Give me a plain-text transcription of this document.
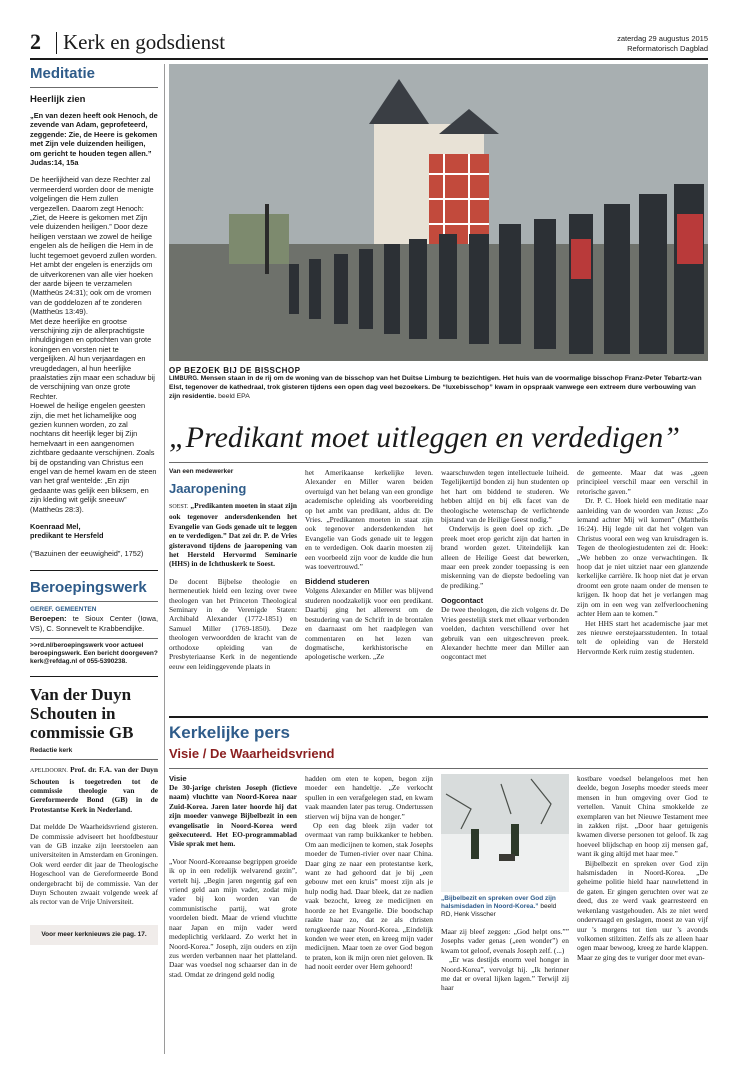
2 Kerk en godsdienst	zaterdag 29 augustus 2015
Reformatorisch Dagblad
Meditatie
Heerlijk zien
„En van dezen heeft ook Henoch, de zevende van Adam, geprofeteerd, zeggende: Zie, de Heere is gekomen met Zijn vele duizenden heiligen, om gericht te houden tegen allen.”
Judas:14, 15a
De heerlijkheid van deze Rechter zal vermeerderd worden door de menigte volgelingen die Hem zullen vergezellen. Daarom zegt Henoch: „Ziet, de Heere is gekomen met Zijn vele duizenden heiligen.” Door deze heiligen verstaan we zowel de heilige engelen als de heiligen die Hem in de lucht tegemoet gevoerd zullen worden. Het ambt der engelen is enerzijds om de uitverkorenen van alle vier hoeken der aarde bijeen te verzamelen (Mattheüs 24:31); ook om de vromen van de goddelozen af te zonderen (Mattheüs 13:49).
Met deze heerlijke en grootse verschijning zijn de allerprachtigste inhuldigingen en optochten van grote koningen en vorsten niet te vergelijken. Al hun verjaardagen en vreugdedagen, al hun heerlijke praalstaties zijn maar een schaduw bij de verschijning van onze grote Rechter.
Hoewel de heilige engelen geesten zijn, die met het lichamelijke oog gezien kunnen worden, zo zal nochtans dit heerlijk leger bij Zijn hemelvaart in een aangenomen zichtbare gedaante verschijnen. Zoals bij de opstanding van Christus een engel van de hemel kwam en de steen van het graf wentelde: „En zijn gedaante was gelijk een bliksem, en zijn kleding wit gelijk sneeuw” (Mattheüs 28:3).
Koenraad Mel,
predikant te Hersfeld
(“Bazuinen der eeuwigheid”, 1752)
Beroepingswerk
GEREF. GEMEENTEN
Beroepen: te Sioux Center (Iowa, VS), C. Sonnevelt te Krabbendijke.
>>rd.nl/beroepingswerk voor actueel beroepingswerk. Een bericht doorgeven? kerk@refdag.nl of 055-5390238.
Van der Duyn Schouten in commissie GB
Redactie kerk
APELDOORN. Prof. dr. F.A. van der Duyn Schouten is toegetreden tot de commissie theologie van de Gereformeerde Bond (GB) in de Protestantse Kerk in Nederland.
Dat meldde De Waarheidsvriend gisteren. De commissie adviseert het hoofdbestuur van de GB inzake zijn leerstoelen aan universiteiten in Amsterdam en Groningen. Ook werd eerder dit jaar de Theologische Hogeschool van de Gereformeerde Bond ondergebracht bij de commissie. Van der Duyn Schouten zwaait volgende week af als rector van de Vrije Universiteit.
Voor meer kerknieuws zie pag. 17.
OP BEZOEK BIJ DE BISSCHOP
LIMBURG. Mensen staan in de rij om de woning van de bisschop van het Duitse Limburg te bezichtigen. Het huis van de voormalige bisschop Franz-Peter Tebartz-van Elst, tegenover de kathedraal, trok gisteren tijdens een open dag veel bezoekers. De “luxebisschop” kwam in opspraak vanwege een extreem dure verbouwing van zijn residentie. beeld EPA
„Predikant moet uitleggen en verdedigen”
Van een medewerker
Jaaropening
SOEST. „Predikanten moeten in staat zijn ook tegenover andersdenkenden het Evangelie van Gods genade uit te leggen en te verdedigen.” Dat zei dr. P. de Vries gisteravond tijdens de jaaropening van het Hersteld Hervormd Seminarie (HHS) in de Ichthuskerk te Soest.
De docent Bijbelse theologie en hermeneutiek hield een lezing over twee theologen van het Princeton Theological Seminary in de Verenigde Staten: Archibald Alexander (1772-1851) en Samuel Miller (1769-1850). Deze theologen verwoordden de kracht van de orthodoxe opleiding van de Presbyteriaanse Kerk in de negentiende eeuw een leidinggevende plaats in
het Amerikaanse kerkelijke leven. Alexander en Miller waren beiden overtuigd van het belang van een grondige academische opleiding als voorbereiding op het ambt van predikant, aldus dr. De Vries. „Predikanten moeten in staat zijn ook tegenover andersdenkenden het Evangelie van Gods genade uit te leggen en te verdedigen. Ook daarin moesten zij een voorbeeld zijn voor de kudde die hun was toevertrouwd.”
Biddend studeren
Volgens Alexander en Miller was blijvend studeren noodzakelijk voor een predikant. Daarbij ging het allereerst om de bestudering van de Schrift in de brontalen en daarnaast om het raadplegen van commentaren en het lezen van dogmatische, kerkhistorische en apologetische werken. „Ze
waarschuwden tegen intellectuele luiheid. Tegelijkertijd bonden zij hun studenten op het hart om biddend te studeren. We hebben altijd en bij elk facet van de theologische wetenschap de verlichtende bijstand van de Heilige Geest nodig.”
Onderwijs is geen doel op zich. „De preek moet erop gericht zijn dat harten in brand worden gezet. Uiteindelijk kan alleen de Heilige Geest dat bewerken, maar een preek zonder toepassing is een miskenning van de diepste bedoeling van de prediking.”
Oogcontact
De twee theologen, die zich volgens dr. De Vries geestelijk sterk met elkaar verbonden voelden, dachten verschillend over het gebruik van een uitgeschreven preek. Alexander hechtte meer dan Miller aan oogcontact met
de gemeente. Maar dat was „geen principieel verschil maar een verschil in retorische gaven.”
Dr. P. C. Hoek hield een meditatie naar aanleiding van de woorden van Jezus: „Zo iemand achter Mij wil komen” (Mattheüs 16:24). Hij legde uit dat het volgen van Christus vooral een weg van kruisdragen is. Tegen de theologiestudenten zei dr. Hoek: „We hebben zo onze verwachtingen. Ik hoop dat je niet uitziet naar een glanzende kerkelijke carrière. Ik hoop niet dat je ervan droomt een grote naam onder de mensen te krijgen. Ik hoop dat het je verlangen mag zijn om in een weg van zelfverloochening achter Hem aan te komen.”
Het HHS start het academische jaar met zes nieuwe eerstejaarsstudenten. In totaal telt de opleiding van de Hersteld Hervormde Kerk ruim zestig studenten.
Kerkelijke pers
Visie / De Waarheidsvriend
Visie
De 30-jarige christen Joseph (fictieve naam) vluchtte van Noord-Korea naar Zuid-Korea. Jaren later hoorde hij dat zijn moeder vanwege Bijbelbezit in een evangelisatie in Noord-Korea werd geëxecuteerd. Het EO-programmablad Visie sprak met hem.
„Voor Noord-Koreaanse begrippen groeide ik op in een redelijk welvarend gezin”, vertelt hij. „Begin jaren negentig gaf een vriend geld aan mijn vader, zodat mijn vader bij kon worden van de communistische partij, wat grote voordelen biedt. Maar de vriend vluchtte naar Japan en mijn vader werd medeplichtig verklaard. Zo werkt het in Noord-Korea.” Joseph, zijn ouders en zijn zus werden verbannen naar het platteland. Daar was voedsel nog schaarser dan in de stad. Omdat ze dringend geld nodig
hadden om eten te kopen, begon zijn moeder een handeltje. „Ze verkocht spullen in een verafgelegen stad, en kwam vaak maanden later pas terug. Ondertussen stierven wij bijna van de honger.”
Op een dag bleek zijn vader tot overmaat van ramp buikkanker te hebben. Om aan medicijnen te komen, stak Josephs moeder de Tumen-rivier over naar China. Daar ging ze naar een protestantse kerk, want ze had gehoord dat je bij „een gebouw met een kruis” moest zijn als je hulp nodig had. Daar bleek, dat ze nadien vaak bezocht, kreeg ze medicijnen en hoorde ze het Evangelie. Die boodschap raakte haar zo, dat ze als christen terugkeerde naar Noord-Korea. „Eindelijk konden we weer eten, en kreeg mijn vader medicijnen. Maar toen ze over God begon te praten, kon ik mijn oren niet geloven. Ik had nooit eerder over Hem gehoord!
„Bijbelbezit en spreken over God zijn halsmisdaden in Noord-Korea.” beeld RD, Henk Visscher
Maar zij bleef zeggen: „God helpt ons.”” Josephs vader genas („een wonder”) en kwam tot geloof, evenals Joseph zelf. (...)
„Er was destijds enorm veel honger in Noord-Korea”, vervolgt hij. „Ik herinner me dat er overal lijken lagen.” Terwijl zij haar
kostbare voedsel belangeloos met hen deelde, begon Josephs moeder steeds meer mensen in hun omgeving over God te vertellen. Vanuit China smokkelde ze exemplaren van het Nieuwe Testament mee in zakken rijst. „Door haar getuigenis kwamen diverse personen tot geloof. Ik zag hoeveel blijdschap en hoop zij mensen gaf, want ik ging altijd met haar mee.”
Bijbelbezit en spreken over God zijn halsmisdaden in Noord-Korea. „De geheime politie hield haar nauwlettend in de gaten. Er gingen geruchten over wat ze deed, dus ze werd vaak gearresteerd en wekenlang vastgehouden. Als ze niet werd ondervraagd en geslagen, moest ze van vijf uur 's morgens tot tien uur 's avonds volkomen stilzitten. Zelfs als ze alleen haar ogen maar bewoog, kreeg ze harde klappen. Maar ze ging des te vuriger door met evan-
